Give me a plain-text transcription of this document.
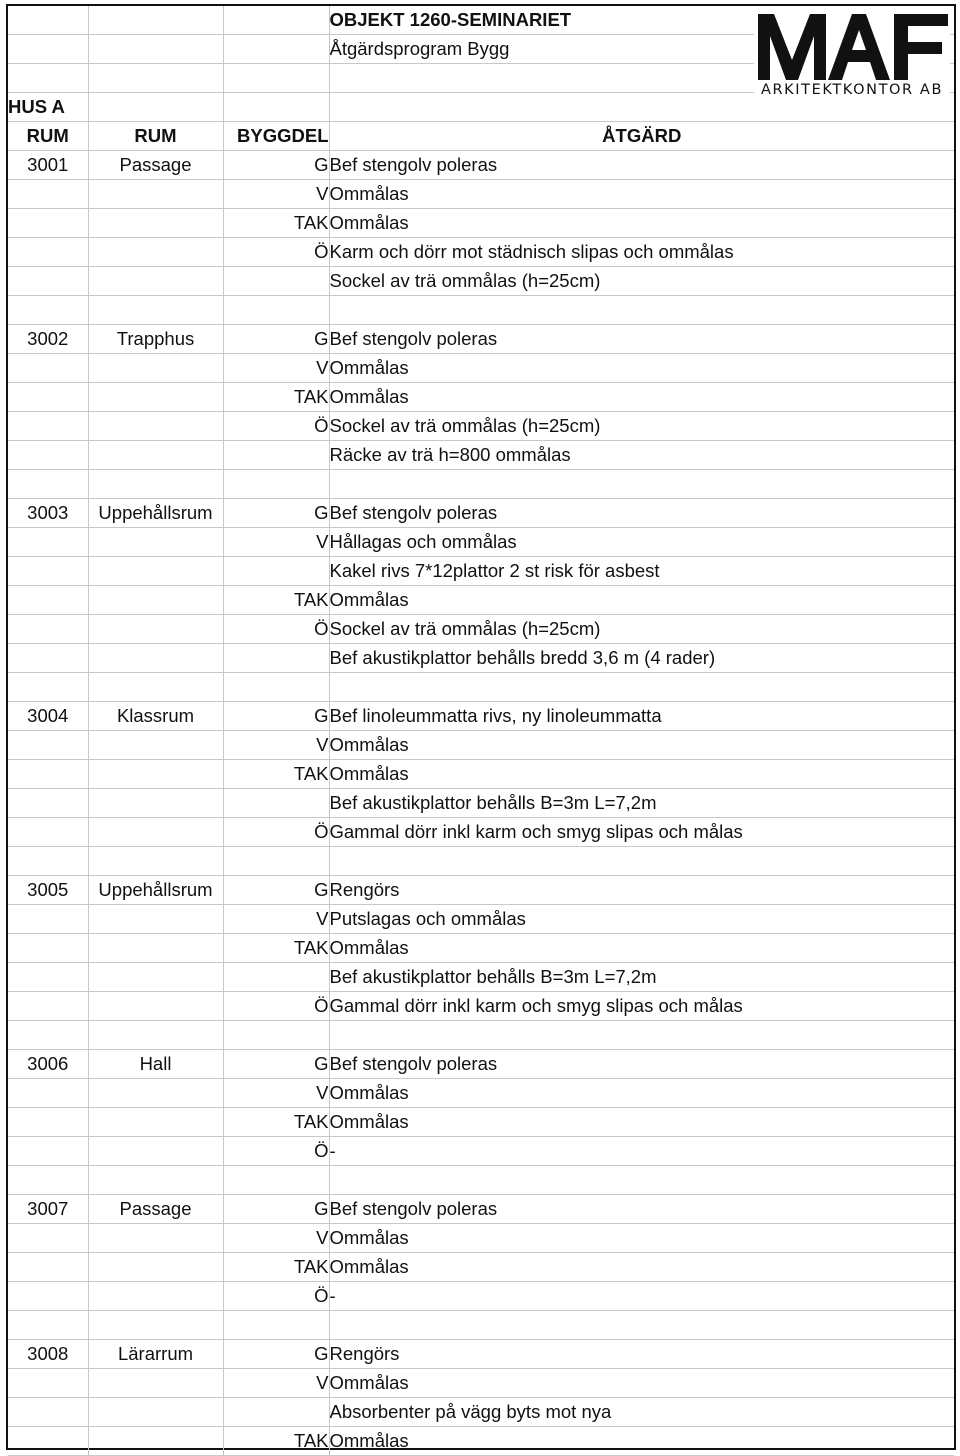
			OBJEKT 1260-SEMINARIET
			Åtgärdsprogram Bygg

HUS A			
RUM	RUM	BYGGDEL	ÅTGÄRD
3001	Passage	G	Bef stengolv poleras
		V	Ommålas
		TAK	Ommålas
		Ö	Karm och dörr mot städnisch slipas och ommålas
			Sockel av trä ommålas (h=25cm)

3002	Trapphus	G	Bef stengolv poleras
		V	Ommålas
		TAK	Ommålas
		Ö	Sockel av trä ommålas (h=25cm)
			Räcke av trä h=800 ommålas

3003	Uppehållsrum	G	Bef stengolv poleras
		V	Hållagas och ommålas
			Kakel rivs 7*12plattor 2 st risk för asbest
		TAK	Ommålas
		Ö	Sockel av trä ommålas (h=25cm)
			Bef akustikplattor behålls bredd 3,6 m (4 rader)

3004	Klassrum	G	Bef linoleummatta rivs, ny linoleummatta
		V	Ommålas
		TAK	Ommålas
			Bef akustikplattor behålls B=3m L=7,2m
		Ö	Gammal dörr inkl karm och smyg slipas och målas

3005	Uppehållsrum	G	Rengörs
		V	Putslagas och ommålas
		TAK	Ommålas
			Bef akustikplattor behålls B=3m L=7,2m
		Ö	Gammal dörr inkl karm och smyg slipas och målas

3006	Hall	G	Bef stengolv poleras
		V	Ommålas
		TAK	Ommålas
		Ö	-

3007	Passage	G	Bef stengolv poleras
		V	Ommålas
		TAK	Ommålas
		Ö	-

3008	Lärarrum	G	Rengörs
		V	Ommålas
			Absorbenter på vägg byts mot nya
		TAK	Ommålas
ARKITEKTKONTOR AB
